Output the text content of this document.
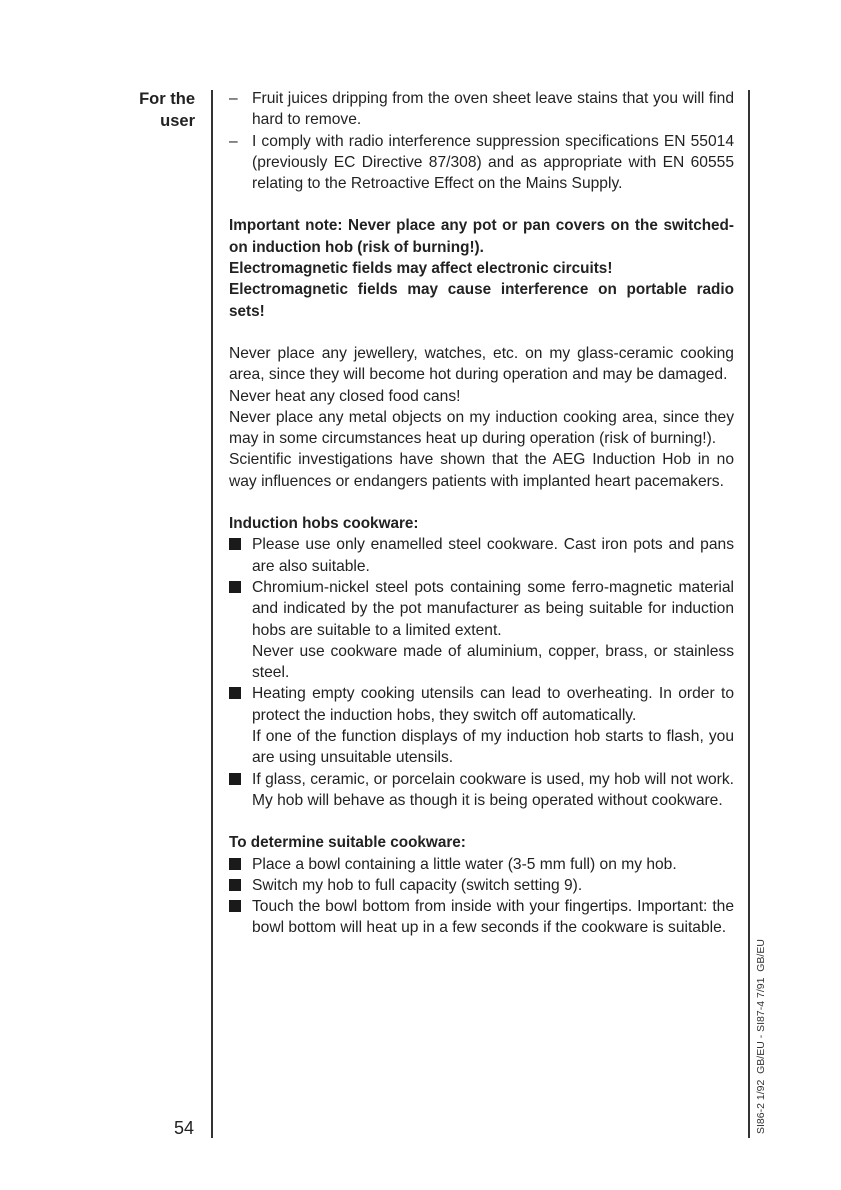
For the
user
– Fruit juices dripping from the oven sheet leave stains that you will find hard to remove.
– I comply with radio interference suppression specifications EN 55014 (previously EC Directive 87/308) and as appropriate with EN 60555 relating to the Retroactive Effect on the Mains Supply.

Important note: Never place any pot or pan covers on the switched-on induction hob (risk of burning!).

Electromagnetic fields may affect electronic circuits!

Electromagnetic fields may cause interference on portable radio sets!

Never place any jewellery, watches, etc. on my glass-ceramic cooking area, since they will become hot during operation and may be damaged.

Never heat any closed food cans!

Never place any metal objects on my induction cooking area, since they may in some circumstances heat up during operation (risk of burning!).

Scientific investigations have shown that the AEG Induction Hob in no way influences or endangers patients with implanted heart pacemakers.

Induction hobs cookware:

Please use only enamelled steel cookware. Cast iron pots and pans are also suitable.

Chromium-nickel steel pots containing some ferro-magnetic material and indicated by the pot manufacturer as being suitable for induction hobs are suitable to a limited extent.

Never use cookware made of aluminium, copper, brass, or stainless steel.

Heating empty cooking utensils can lead to overheating. In order to protect the induction hobs, they switch off automatically.

If one of the function displays of my induction hob starts to flash, you are using unsuitable utensils.

If glass, ceramic, or porcelain cookware is used, my hob will not work. My hob will behave as though it is being operated without cookware.

To determine suitable cookware:

Place a bowl containing a little water (3-5 mm full) on my hob.

Switch my hob to full capacity (switch setting 9).

Touch the bowl bottom from inside with your fingertips. Important: the bowl bottom will heat up in a few seconds if the cookware is suitable.

54	SI86-2 1/92  GB/EU - SI87-4 7/91  GB/EU
